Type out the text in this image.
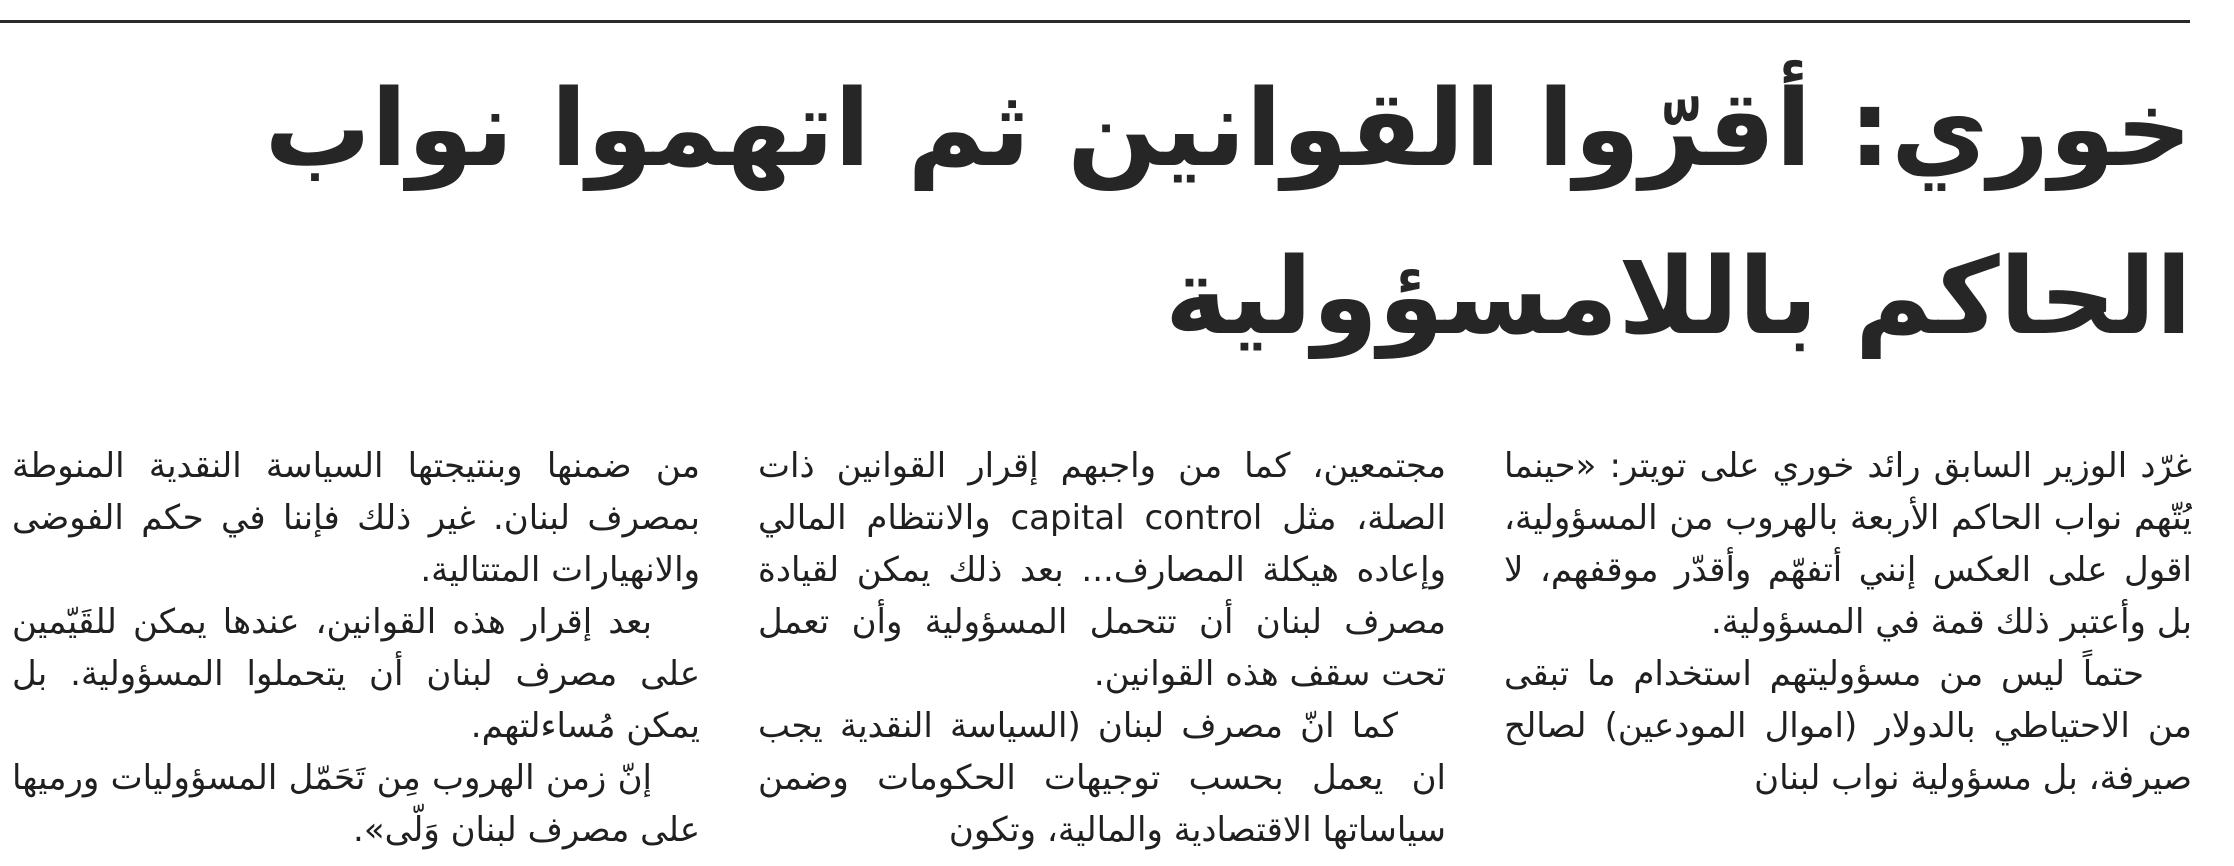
خوري: أقرّوا القوانين ثم اتهموا نواب الحاكم باللامسؤولية

غرّد الوزير السابق رائد خوري على تويتر: «حينما يُتّهم نواب الحاكم الأربعة بالهروب من المسؤولية، اقول على العكس إنني أتفهّم وأقدّر موقفهم، لا بل وأعتبر ذلك قمة في المسؤولية.

حتماً ليس من مسؤوليتهم استخدام ما تبقى من الاحتياطي بالدولار (اموال المودعين) لصالح صيرفة، بل مسؤولية نواب لبنان

مجتمعين، كما من واجبهم إقرار القوانين ذات الصلة، مثل capital control والانتظام المالي وإعاده هيكلة المصارف... بعد ذلك يمكن لقيادة مصرف لبنان أن تتحمل المسؤولية وأن تعمل تحت سقف هذه القوانين.

كما انّ مصرف لبنان (السياسة النقدية يجب ان يعمل بحسب توجيهات الحكومات وضمن سياساتها الاقتصادية والمالية، وتكون

من ضمنها وبنتيجتها السياسة النقدية المنوطة بمصرف لبنان. غير ذلك فإننا في حكم الفوضى والانهيارات المتتالية.

بعد إقرار هذه القوانين، عندها يمكن للقَيّمين على مصرف لبنان أن يتحملوا المسؤولية. بل يمكن مُساءلتهم.

إنّ زمن الهروب مِن تَحَمّل المسؤوليات ورميها على مصرف لبنان وَلّى».
